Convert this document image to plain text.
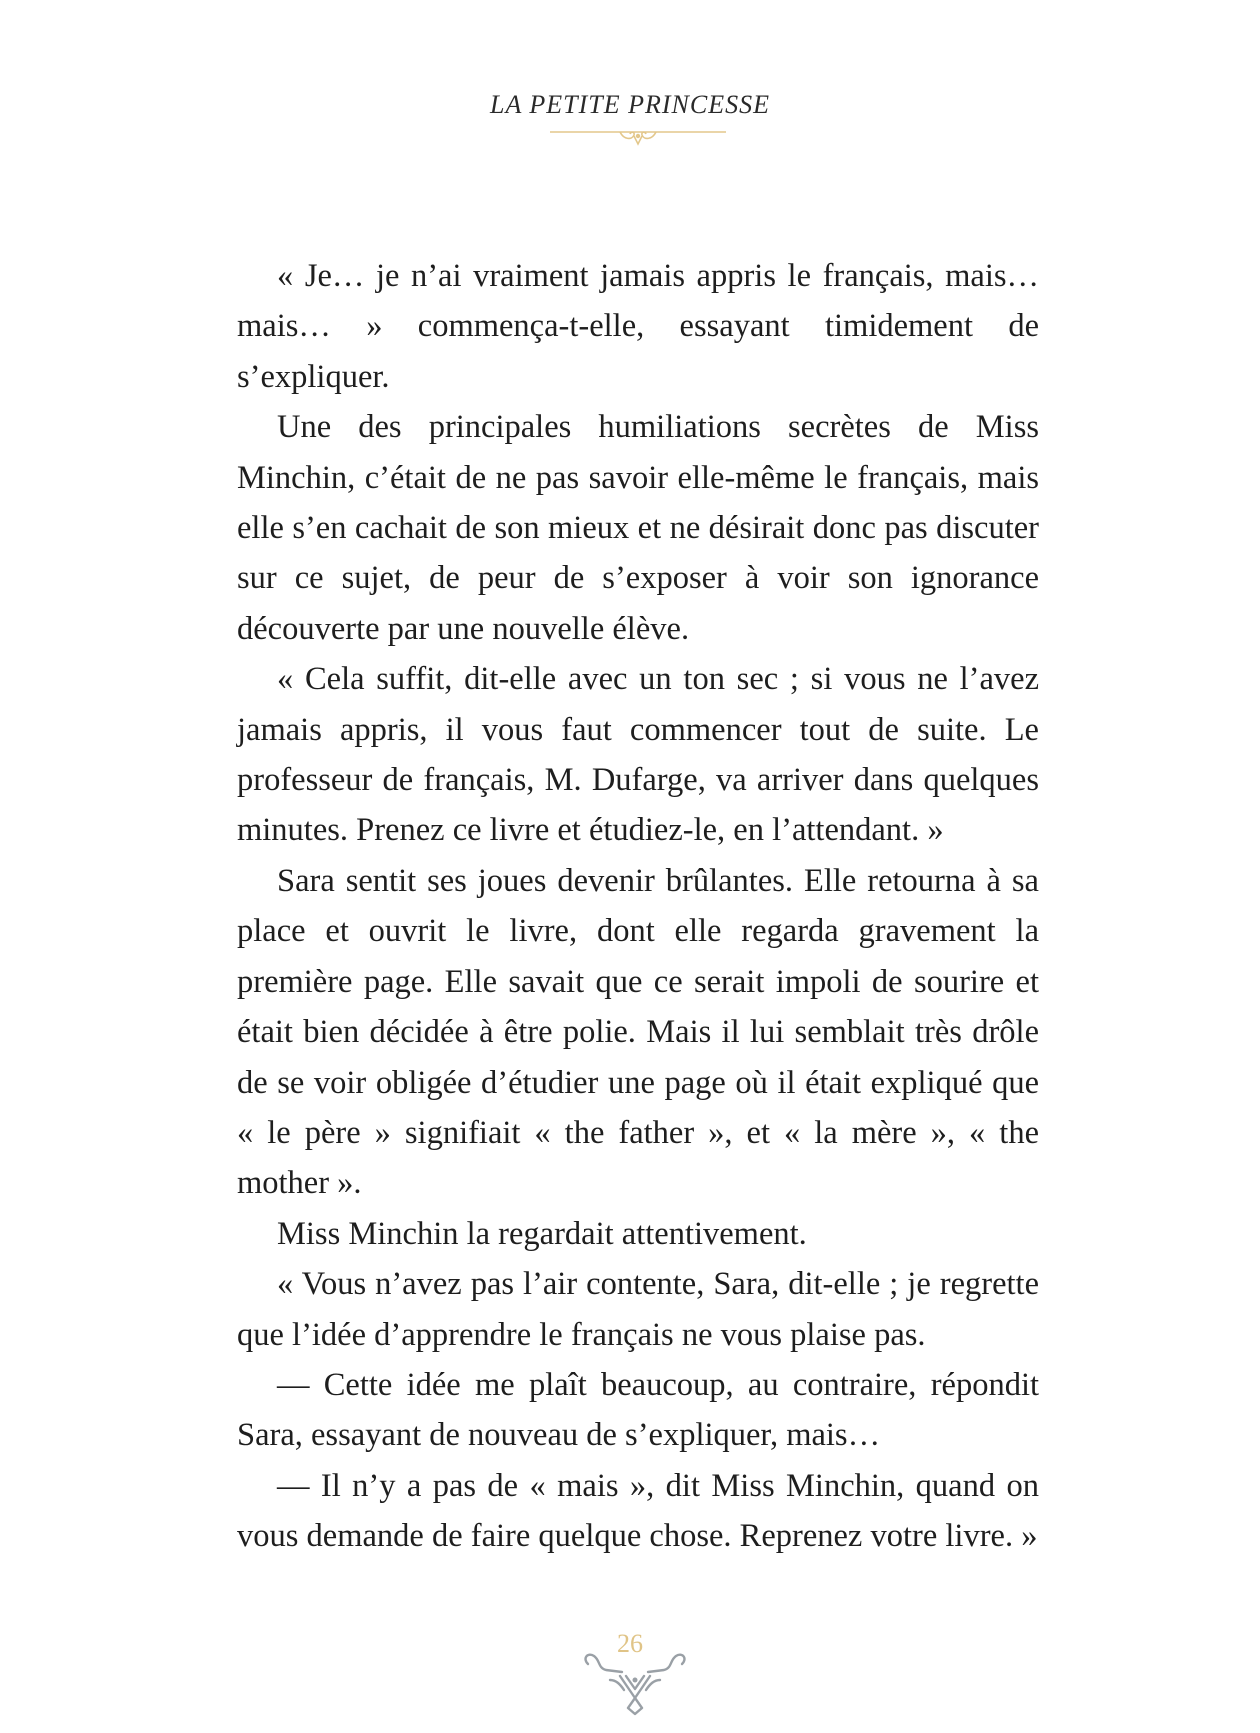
LA PETITE PRINCESSE

« Je… je n’ai vraiment jamais appris le français, mais… mais… » commença-t-elle, essayant timidement de s’expliquer.

Une des principales humiliations secrètes de Miss Minchin, c’était de ne pas savoir elle-même le français, mais elle s’en cachait de son mieux et ne désirait donc pas discuter sur ce sujet, de peur de s’exposer à voir son ignorance découverte par une nouvelle élève.

« Cela suffit, dit-elle avec un ton sec ; si vous ne l’avez jamais appris, il vous faut commencer tout de suite. Le professeur de français, M. Dufarge, va arriver dans quelques minutes. Prenez ce livre et étudiez-le, en l’attendant. »

Sara sentit ses joues devenir brûlantes. Elle retourna à sa place et ouvrit le livre, dont elle regarda gravement la première page. Elle savait que ce serait impoli de sourire et était bien décidée à être polie. Mais il lui semblait très drôle de se voir obligée d’étudier une page où il était expliqué que « le père » signifiait « the father », et « la mère », « the mother ».

Miss Minchin la regardait attentivement.

« Vous n’avez pas l’air contente, Sara, dit-elle ; je regrette que l’idée d’apprendre le français ne vous plaise pas.

— Cette idée me plaît beaucoup, au contraire, répondit Sara, essayant de nouveau de s’expliquer, mais…

— Il n’y a pas de « mais », dit Miss Minchin, quand on vous demande de faire quelque chose. Reprenez votre livre. »

26
